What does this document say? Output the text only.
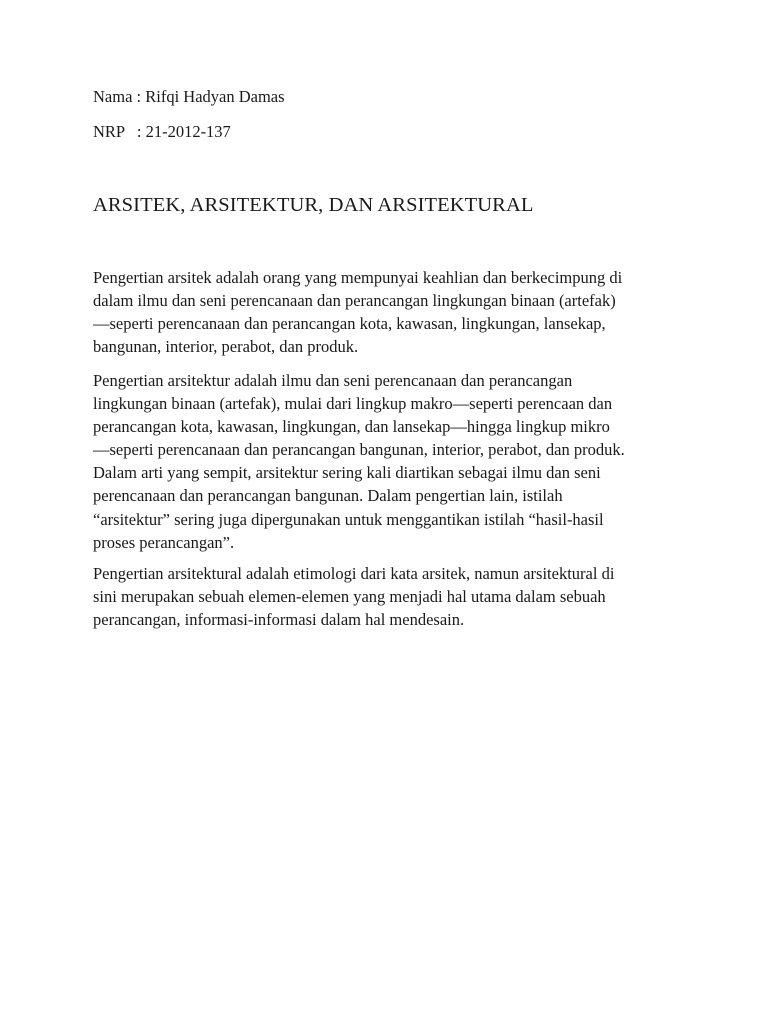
Nama : Rifqi Hadyan Damas
NRP   : 21-2012-137
ARSITEK, ARSITEKTUR, DAN ARSITEKTURAL
Pengertian arsitek adalah orang yang mempunyai keahlian dan berkecimpung di
dalam ilmu dan seni perencanaan dan perancangan lingkungan binaan (artefak)
—seperti perencanaan dan perancangan kota, kawasan, lingkungan, lansekap,
bangunan, interior, perabot, dan produk.
Pengertian arsitektur adalah ilmu dan seni perencanaan dan perancangan
lingkungan binaan (artefak), mulai dari lingkup makro—seperti perencaan dan
perancangan kota, kawasan, lingkungan, dan lansekap—hingga lingkup mikro
—seperti perencanaan dan perancangan bangunan, interior, perabot, dan produk.
Dalam arti yang sempit, arsitektur sering kali diartikan sebagai ilmu dan seni
perencanaan dan perancangan bangunan. Dalam pengertian lain, istilah
“arsitektur” sering juga dipergunakan untuk menggantikan istilah “hasil-hasil
proses perancangan”.
Pengertian arsitektural adalah etimologi dari kata arsitek, namun arsitektural di
sini merupakan sebuah elemen-elemen yang menjadi hal utama dalam sebuah
perancangan, informasi-informasi dalam hal mendesain.
